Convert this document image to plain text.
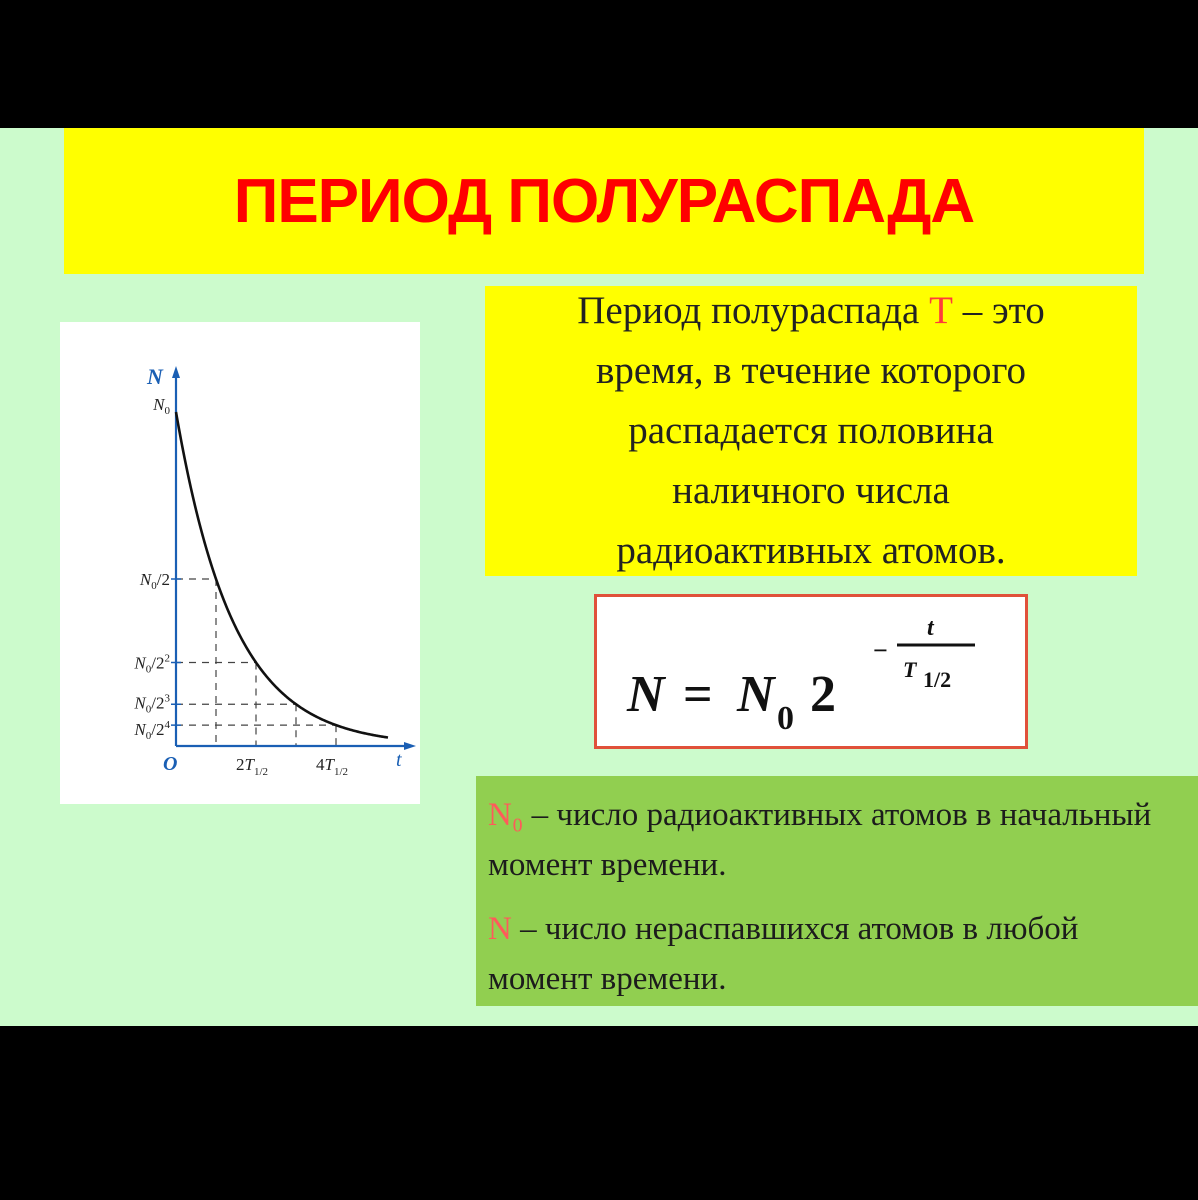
ПЕРИОД ПОЛУРАСПАДА
N
t
O
$N_0$
$N_0/2$
$N_0/2^2$
$N_0/2^3$
$N_0/2^4$
$2T_{1/2}$	$4T_{1/2}$
Период полураспада Т – это
время, в течение которого
распадается половина
наличного числа
радиоактивных атомов.
N = N 0 2
−
t
T 1/2

N₀ – число радиоактивных атомов в начальный момент времени.

N – число нераспавшихся атомов в любой момент времени.
